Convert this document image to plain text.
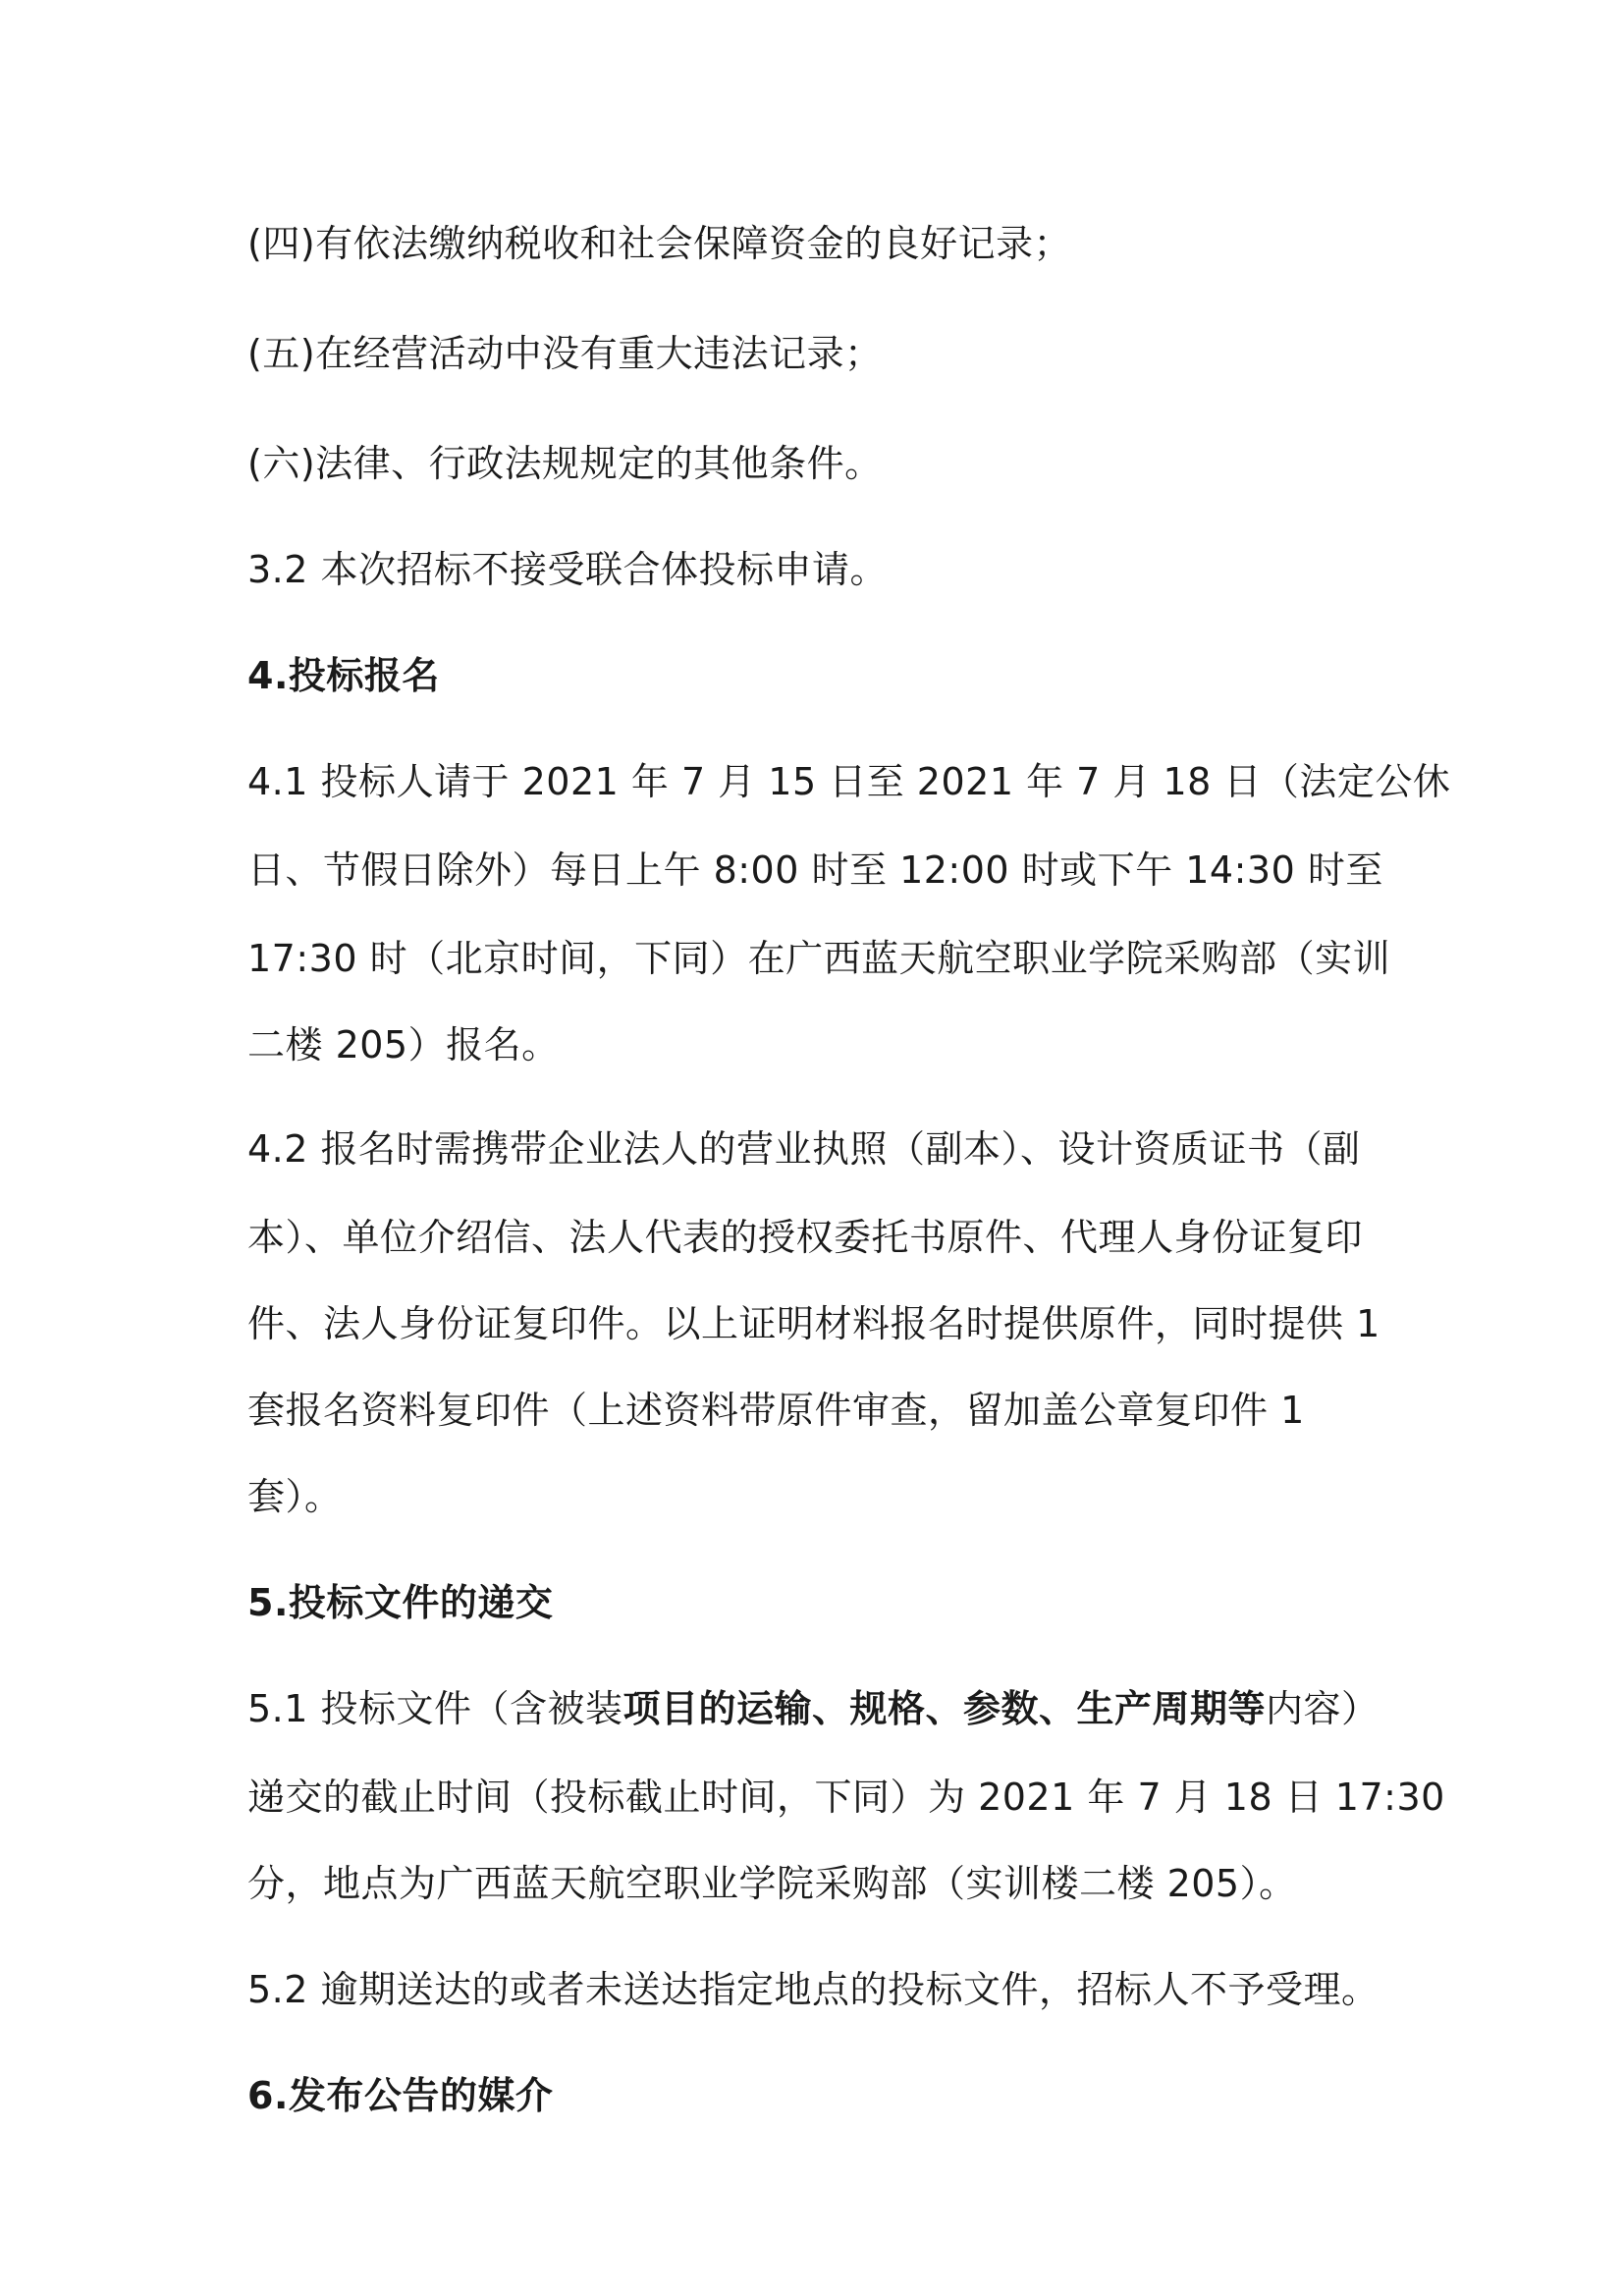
(四)有依法缴纳税收和社会保障资金的良好记录；
(五)在经营活动中没有重大违法记录；
(六)法律、行政法规规定的其他条件。
3.2 本次招标不接受联合体投标申请。
4.投标报名
4.1 投标人请于 2021 年 7 月 15 日至 2021 年 7 月 18 日（法定公休
日、节假日除外）每日上午 8:00 时至 12:00 时或下午 14:30 时至
17:30 时（北京时间，下同）在广西蓝天航空职业学院采购部（实训
二楼 205）报名。
4.2 报名时需携带企业法人的营业执照（副本）、设计资质证书（副
本）、单位介绍信、法人代表的授权委托书原件、代理人身份证复印
件、法人身份证复印件。以上证明材料报名时提供原件，同时提供 1
套报名资料复印件（上述资料带原件审查，留加盖公章复印件 1
套）。
5.投标文件的递交
5.1 投标文件（含被装项目的运输、规格、参数、生产周期等内容）
递交的截止时间（投标截止时间，下同）为 2021 年 7 月 18 日 17:30
分，地点为广西蓝天航空职业学院采购部（实训楼二楼 205）。
5.2 逾期送达的或者未送达指定地点的投标文件，招标人不予受理。
6.发布公告的媒介
